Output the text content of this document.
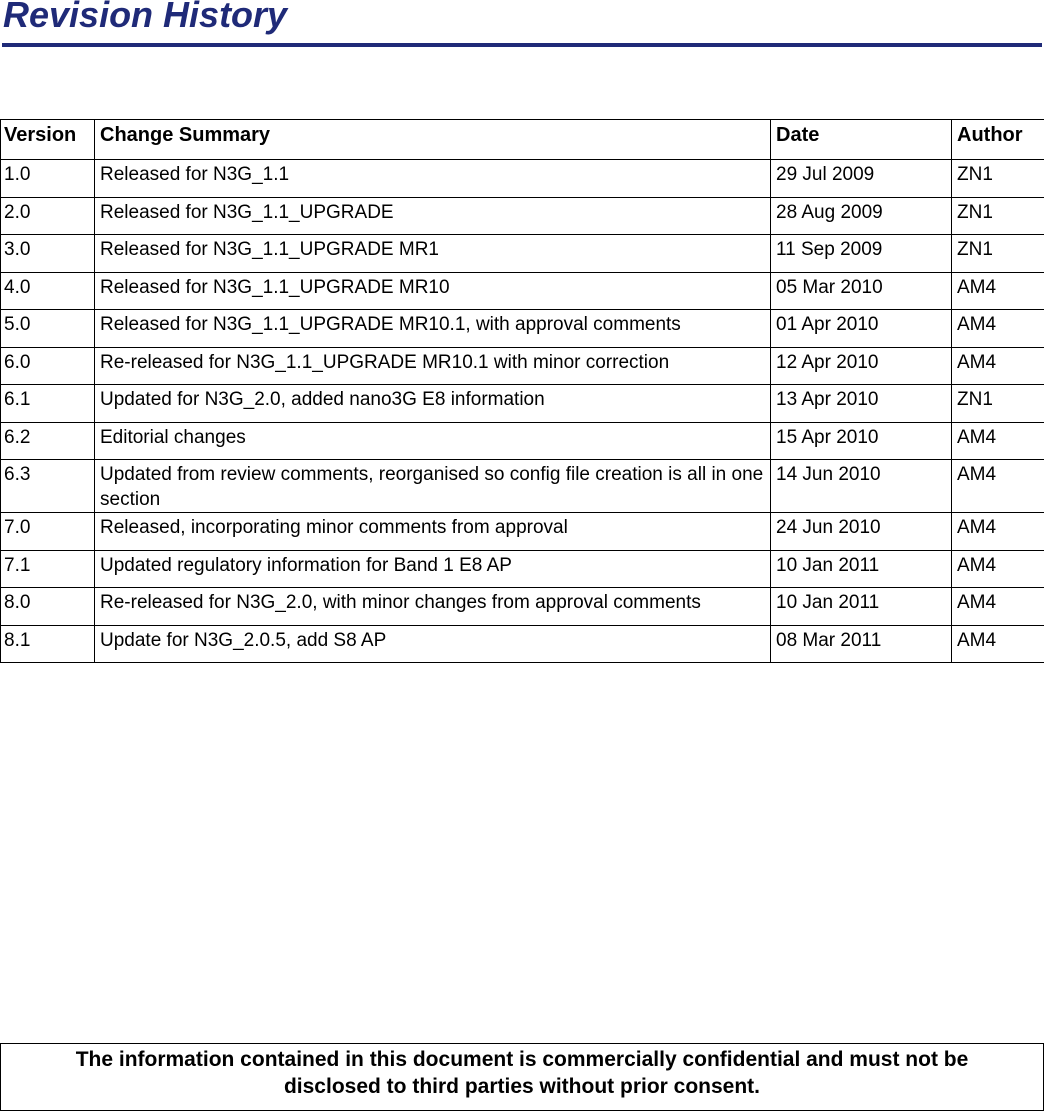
Revision History
Version	Change Summary	Date	Author
1.0	Released for N3G_1.1	29 Jul 2009	ZN1
2.0	Released for N3G_1.1_UPGRADE	28 Aug 2009	ZN1
3.0	Released for N3G_1.1_UPGRADE MR1	11 Sep 2009	ZN1
4.0	Released for N3G_1.1_UPGRADE MR10	05 Mar 2010	AM4
5.0	Released for N3G_1.1_UPGRADE MR10.1, with approval comments	01 Apr 2010	AM4
6.0	Re-released for N3G_1.1_UPGRADE MR10.1 with minor correction	12 Apr 2010	AM4
6.1	Updated for N3G_2.0, added nano3G E8 information	13 Apr 2010	ZN1
6.2	Editorial changes	15 Apr 2010	AM4
6.3	Updated from review comments, reorganised so config file creation is all in one section	14 Jun 2010	AM4
7.0	Released, incorporating minor comments from approval	24 Jun 2010	AM4
7.1	Updated regulatory information for Band 1 E8 AP	10 Jan 2011	AM4
8.0	Re-released for N3G_2.0, with minor changes from approval comments	10 Jan 2011	AM4
8.1	Update for N3G_2.0.5, add S8 AP	08 Mar 2011	AM4
The information contained in this document is commercially confidential and must not be
disclosed to third parties without prior consent.
